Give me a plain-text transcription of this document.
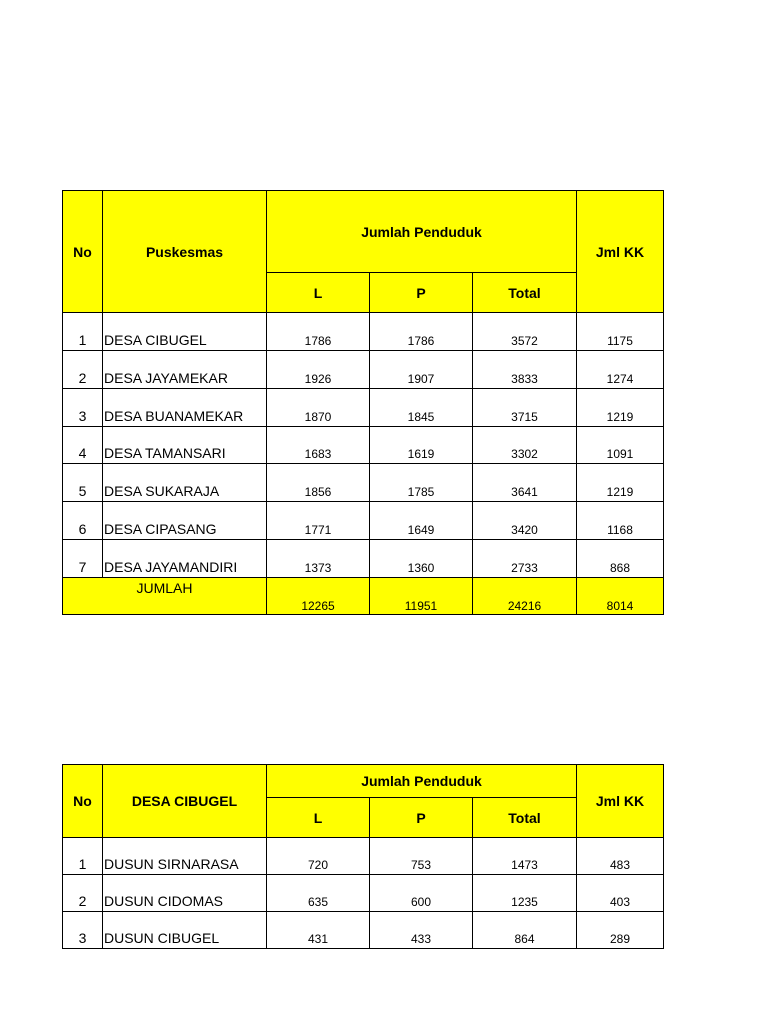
No	Puskesmas	Jumlah Penduduk			Jml KK
		L	P	Total	
1	DESA CIBUGEL	1786	1786	3572	1175
2	DESA JAYAMEKAR	1926	1907	3833	1274
3	DESA BUANAMEKAR	1870	1845	3715	1219
4	DESA TAMANSARI	1683	1619	3302	1091
5	DESA SUKARAJA	1856	1785	3641	1219
6	DESA CIPASANG	1771	1649	3420	1168
7	DESA JAYAMANDIRI	1373	1360	2733	868
JUMLAH		12265	11951	24216	8014
No	DESA CIBUGEL	Jumlah Penduduk			Jml KK
		L	P	Total	
1	DUSUN SIRNARASA	720	753	1473	483
2	DUSUN CIDOMAS	635	600	1235	403
3	DUSUN CIBUGEL	431	433	864	289
